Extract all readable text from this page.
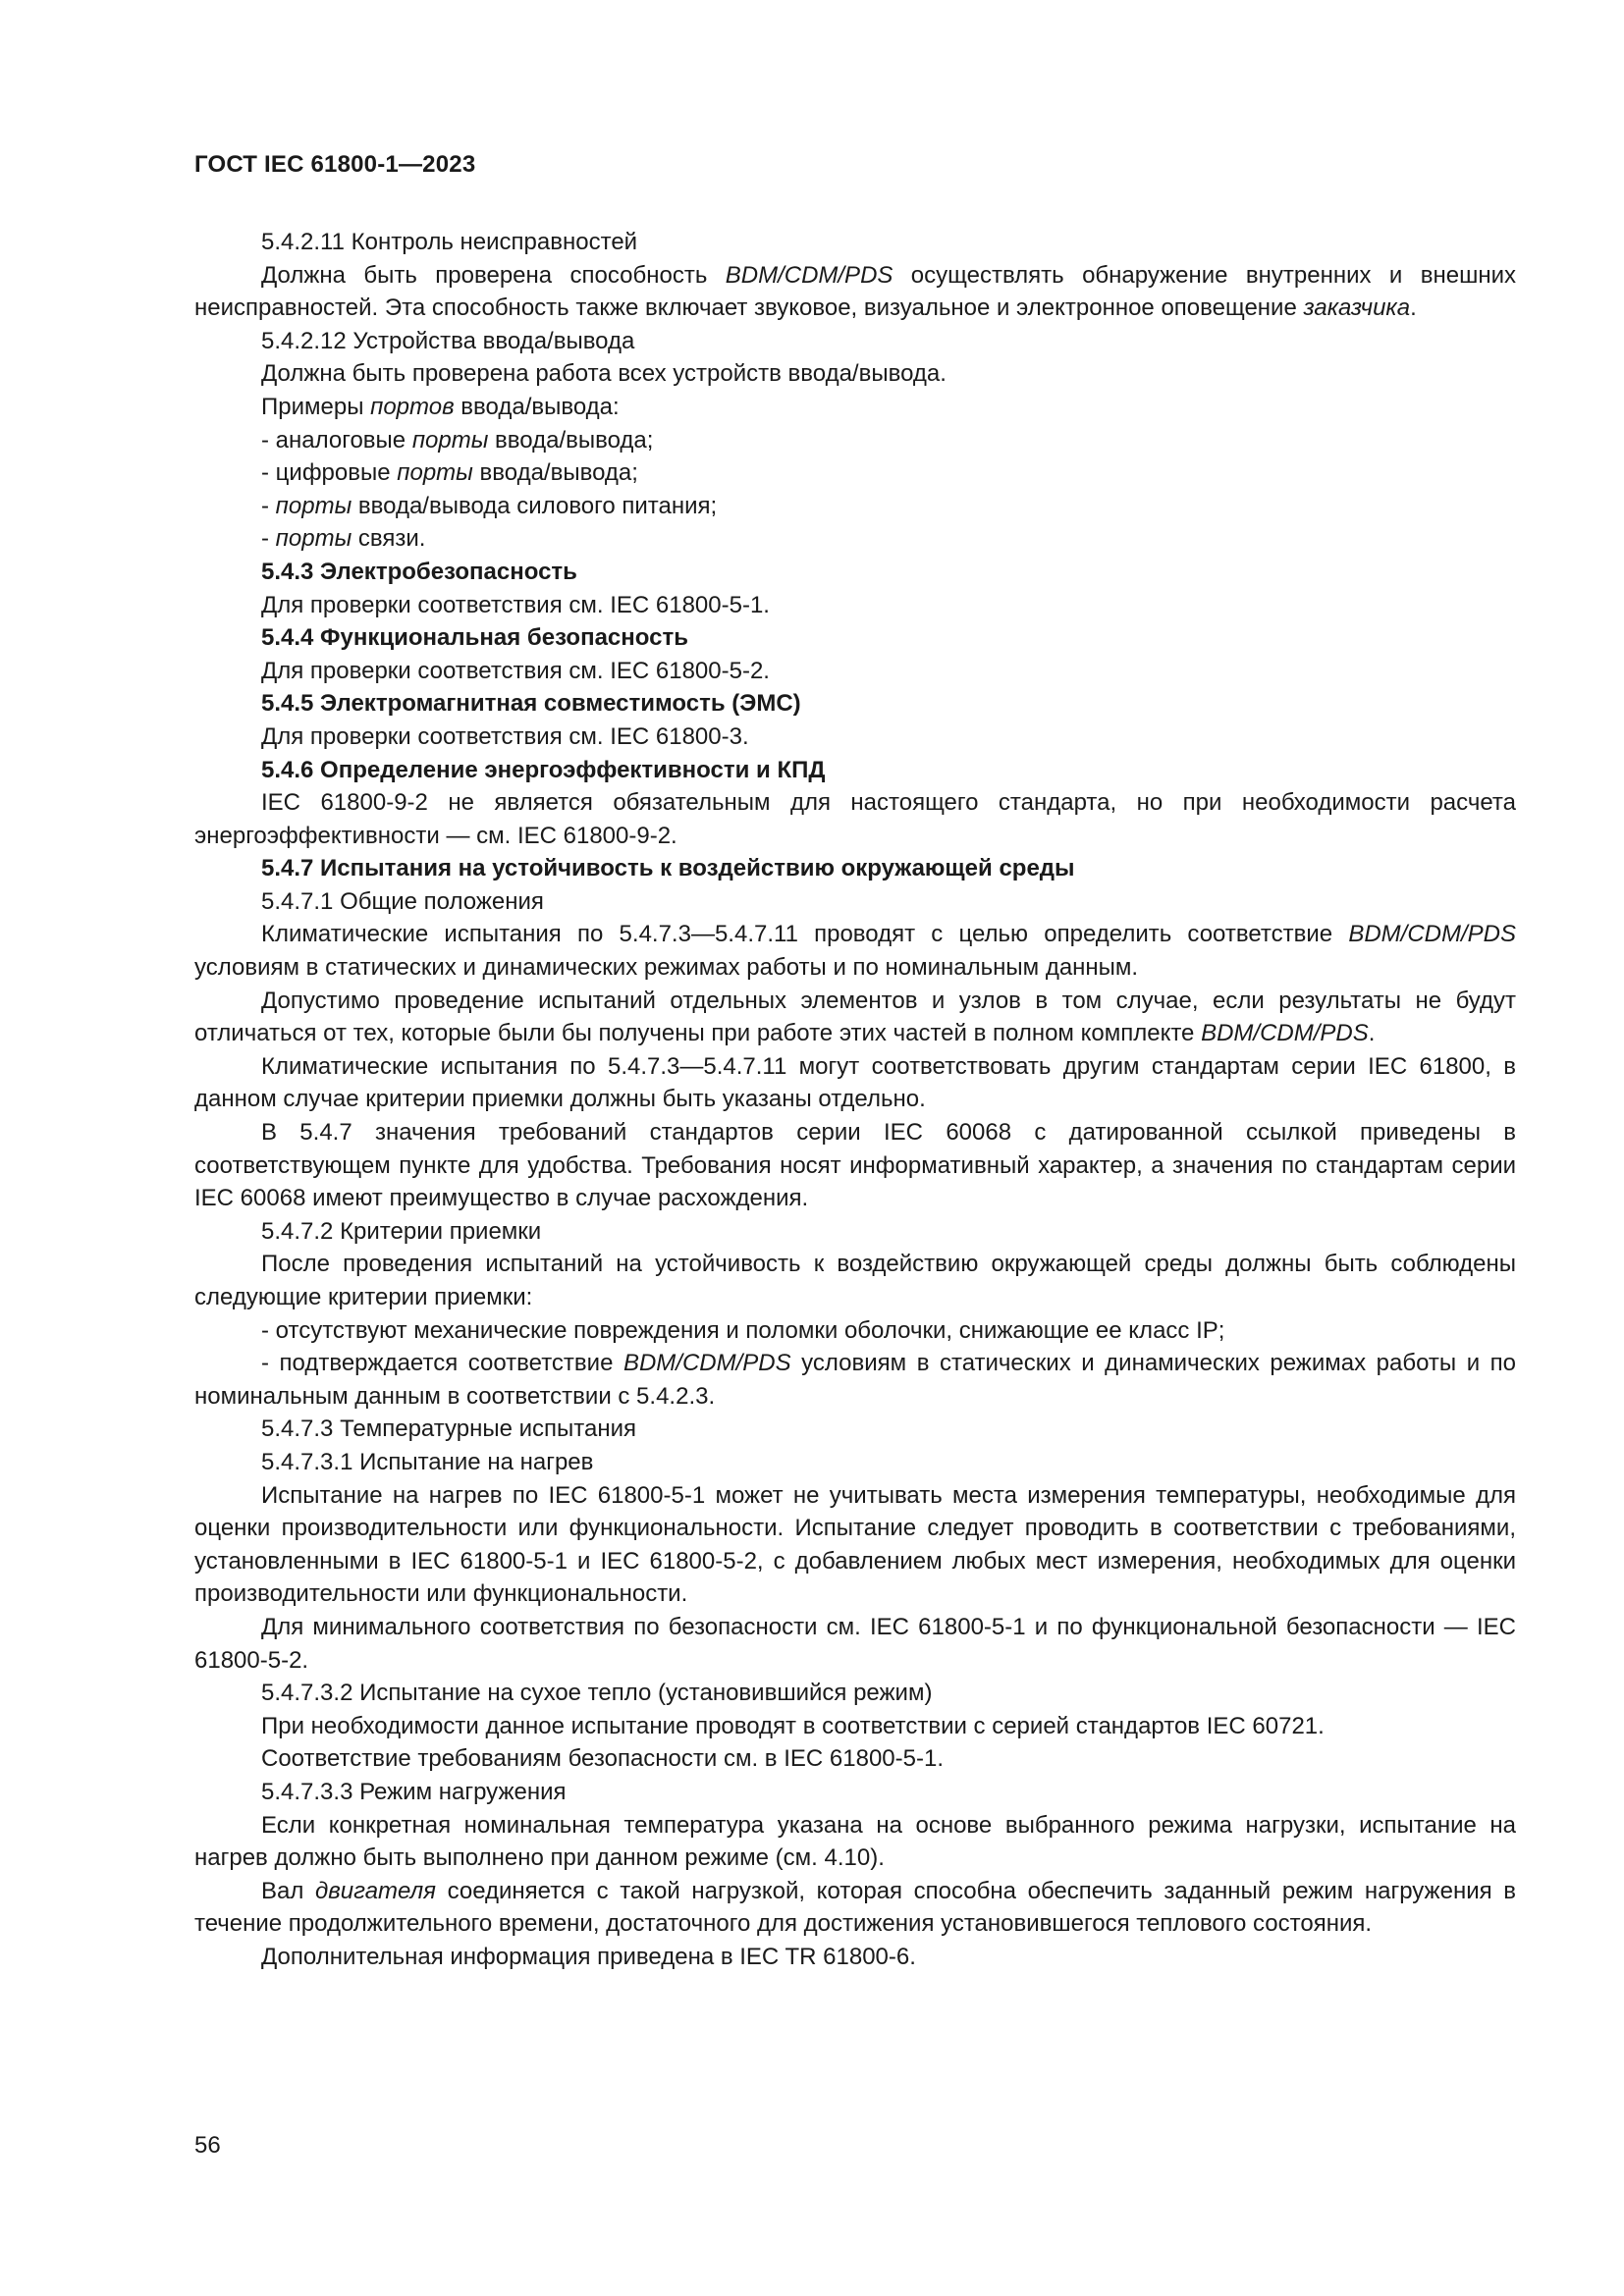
ГОСТ IEC 61800-1—2023

5.4.2.11 Контроль неисправностей

Должна быть проверена способность BDM/CDM/PDS осуществлять обнаружение внутренних и внешних неисправностей. Эта способность также включает звуковое, визуальное и электронное оповещение заказчика.

5.4.2.12 Устройства ввода/вывода

Должна быть проверена работа всех устройств ввода/вывода.

Примеры портов ввода/вывода:

- аналоговые порты ввода/вывода;

- цифровые порты ввода/вывода;

- порты ввода/вывода силового питания;

- порты связи.

5.4.3 Электробезопасность

Для проверки соответствия см. IEC 61800-5-1.

5.4.4 Функциональная безопасность

Для проверки соответствия см. IEC 61800-5-2.

5.4.5 Электромагнитная совместимость (ЭМС)

Для проверки соответствия см. IEC 61800-3.

5.4.6 Определение энергоэффективности и КПД

IEC 61800-9-2 не является обязательным для настоящего стандарта, но при необходимости расчета энергоэффективности — см. IEC 61800-9-2.

5.4.7 Испытания на устойчивость к воздействию окружающей среды

5.4.7.1 Общие положения

Климатические испытания по 5.4.7.3—5.4.7.11 проводят с целью определить соответствие BDM/CDM/PDS условиям в статических и динамических режимах работы и по номинальным данным.

Допустимо проведение испытаний отдельных элементов и узлов в том случае, если результаты не будут отличаться от тех, которые были бы получены при работе этих частей в полном комплекте BDM/CDM/PDS.

Климатические испытания по 5.4.7.3—5.4.7.11 могут соответствовать другим стандартам серии IEC 61800, в данном случае критерии приемки должны быть указаны отдельно.

В 5.4.7 значения требований стандартов серии IEC 60068 с датированной ссылкой приведены в соответствующем пункте для удобства. Требования носят информативный характер, а значения по стандартам серии IEC 60068 имеют преимущество в случае расхождения.

5.4.7.2 Критерии приемки

После проведения испытаний на устойчивость к воздействию окружающей среды должны быть соблюдены следующие критерии приемки:

- отсутствуют механические повреждения и поломки оболочки, снижающие ее класс IP;

- подтверждается соответствие BDM/CDM/PDS условиям в статических и динамических режимах работы и по номинальным данным в соответствии с 5.4.2.3.

5.4.7.3 Температурные испытания

5.4.7.3.1 Испытание на нагрев

Испытание на нагрев по IEC 61800-5-1 может не учитывать места измерения температуры, необходимые для оценки производительности или функциональности. Испытание следует проводить в соответствии с требованиями, установленными в IEC 61800-5-1 и IEC 61800-5-2, с добавлением любых мест измерения, необходимых для оценки производительности или функциональности.

Для минимального соответствия по безопасности см. IEC 61800-5-1 и по функциональной безопасности — IEC 61800-5-2.

5.4.7.3.2 Испытание на сухое тепло (установившийся режим)

При необходимости данное испытание проводят в соответствии с серией стандартов IEC 60721.

Соответствие требованиям безопасности см. в IEC 61800-5-1.

5.4.7.3.3 Режим нагружения

Если конкретная номинальная температура указана на основе выбранного режима нагрузки, испытание на нагрев должно быть выполнено при данном режиме (см. 4.10).

Вал двигателя соединяется с такой нагрузкой, которая способна обеспечить заданный режим нагружения в течение продолжительного времени, достаточного для достижения установившегося теплового состояния.

Дополнительная информация приведена в IEC TR 61800-6.

56
